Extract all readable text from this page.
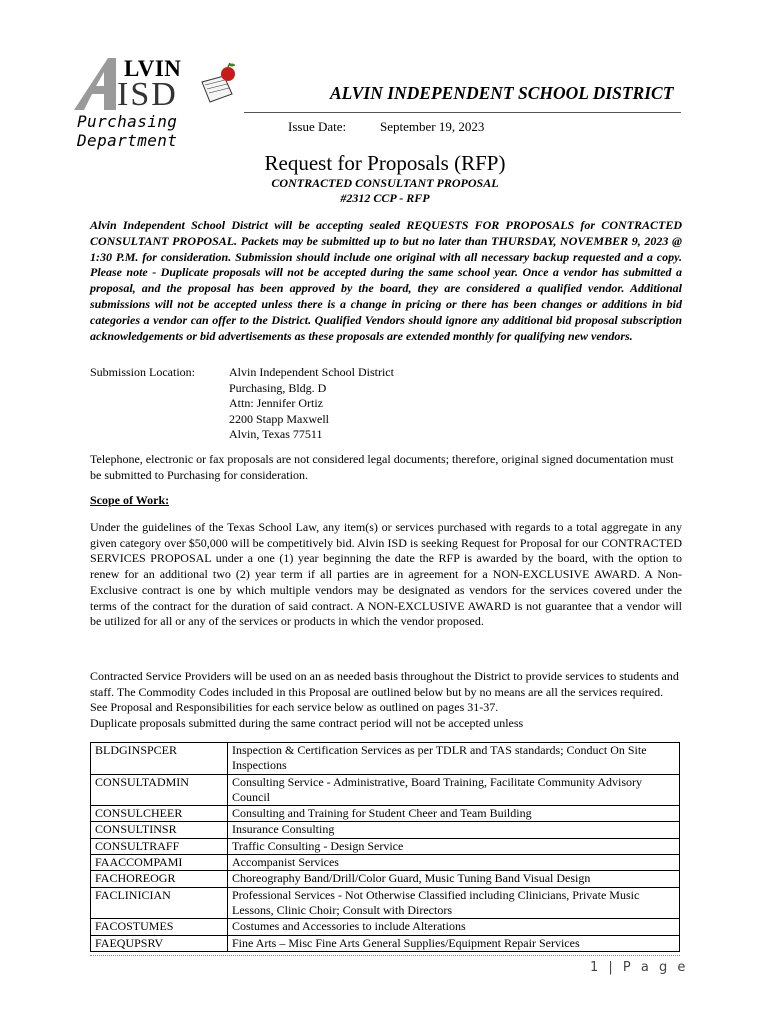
LVIN
ISD
Purchasing Department
ALVIN INDEPENDENT SCHOOL DISTRICT
Issue Date:	September 19, 2023
Request for Proposals (RFP)
CONTRACTED CONSULTANT PROPOSAL
#2312 CCP - RFP
Alvin Independent School District will be accepting sealed REQUESTS FOR PROPOSALS for CONTRACTED CONSULTANT PROPOSAL. Packets may be submitted up to but no later than THURSDAY, NOVEMBER 9, 2023 @ 1:30 P.M. for consideration. Submission should include one original with all necessary backup requested and a copy. Please note - Duplicate proposals will not be accepted during the same school year. Once a vendor has submitted a proposal, and the proposal has been approved by the board, they are considered a qualified vendor. Additional submissions will not be accepted unless there is a change in pricing or there has been changes or additions in bid categories a vendor can offer to the District. Qualified Vendors should ignore any additional bid proposal subscription acknowledgements or bid advertisements as these proposals are extended monthly for qualifying new vendors.
Submission Location:	Alvin Independent School District
Purchasing, Bldg. D
Attn: Jennifer Ortiz
2200 Stapp Maxwell
Alvin, Texas 77511
Telephone, electronic or fax proposals are not considered legal documents; therefore, original signed documentation must be submitted to Purchasing for consideration.
Scope of Work:
Under the guidelines of the Texas School Law, any item(s) or services purchased with regards to a total aggregate in any given category over $50,000 will be competitively bid. Alvin ISD is seeking Request for Proposal for our CONTRACTED SERVICES PROPOSAL under a one (1) year beginning the date the RFP is awarded by the board, with the option to renew for an additional two (2) year term if all parties are in agreement for a NON-EXCLUSIVE AWARD. A Non-Exclusive contract is one by which multiple vendors may be designated as vendors for the services covered under the terms of the contract for the duration of said contract. A NON-EXCLUSIVE AWARD is not guarantee that a vendor will be utilized for all or any of the services or products in which the vendor proposed.
Contracted Service Providers will be used on an as needed basis throughout the District to provide services to students and staff. The Commodity Codes included in this Proposal are outlined below but by no means are all the services required. See Proposal and Responsibilities for each service below as outlined on pages 31-37.
Duplicate proposals submitted during the same contract period will not be accepted unless
BLDGINSPCER	Inspection & Certification Services as per TDLR and TAS standards; Conduct On Site Inspections
CONSULTADMIN	Consulting Service - Administrative, Board Training, Facilitate Community Advisory Council
CONSULCHEER	Consulting and Training for Student Cheer and Team Building
CONSULTINSR	Insurance Consulting
CONSULTRAFF	Traffic Consulting - Design Service
FAACCOMPAMI	Accompanist Services
FACHOREOGR	Choreography Band/Drill/Color Guard, Music Tuning Band Visual Design
FACLINICIAN	Professional Services - Not Otherwise Classified including Clinicians, Private Music Lessons, Clinic Choir; Consult with Directors
FACOSTUMES	Costumes and Accessories to include Alterations
FAEQUPSRV	Fine Arts – Misc Fine Arts General Supplies/Equipment Repair Services
1 | P a g e
